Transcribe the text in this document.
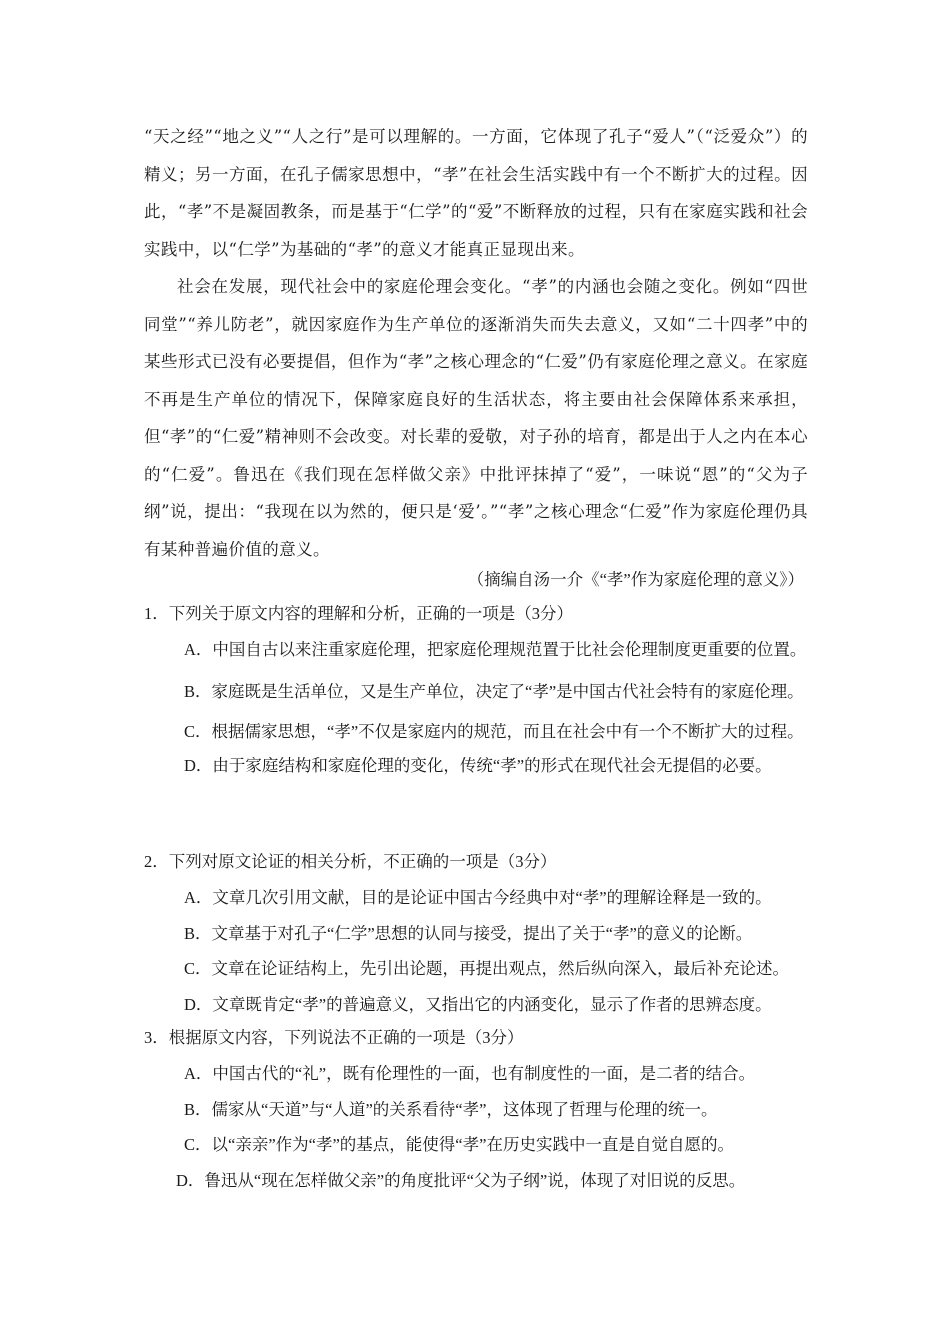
“天之经”“地之义”“人之行”是可以理解的。一方面，它体现了孔子“爱人”（“泛爱众”）的精义；另一方面，在孔子儒家思想中，“孝”在社会生活实践中有一个不断扩大的过程。因此，“孝”不是凝固教条，而是基于“仁学”的“爱”不断释放的过程，只有在家庭实践和社会实践中，以“仁学”为基础的“孝”的意义才能真正显现出来。
社会在发展，现代社会中的家庭伦理会变化。“孝”的内涵也会随之变化。例如“四世同堂”“养儿防老”，就因家庭作为生产单位的逐渐消失而失去意义，又如“二十四孝”中的某些形式已没有必要提倡，但作为“孝”之核心理念的“仁爱”仍有家庭伦理之意义。在家庭不再是生产单位的情况下，保障家庭良好的生活状态，将主要由社会保障体系来承担，但“孝”的“仁爱”精神则不会改变。对长辈的爱敬，对子孙的培育，都是出于人之内在本心的“仁爱”。鲁迅在《我们现在怎样做父亲》中批评抹掉了“爱”，一味说“恩”的“父为子纲”说，提出：“我现在以为然的，便只是‘爱’。”“孝”之核心理念“仁爱”作为家庭伦理仍具有某种普遍价值的意义。
（摘编自汤一介《“孝”作为家庭伦理的意义》）
1．下列关于原文内容的理解和分析，正确的一项是（3分）
A．中国自古以来注重家庭伦理，把家庭伦理规范置于比社会伦理制度更重要的位置。
B．家庭既是生活单位，又是生产单位，决定了“孝”是中国古代社会特有的家庭伦理。
C．根据儒家思想，“孝”不仅是家庭内的规范，而且在社会中有一个不断扩大的过程。
D．由于家庭结构和家庭伦理的变化，传统“孝”的形式在现代社会无提倡的必要。
2．下列对原文论证的相关分析，不正确的一项是（3分）
A．文章几次引用文献，目的是论证中国古今经典中对“孝”的理解诠释是一致的。
B．文章基于对孔子“仁学”思想的认同与接受，提出了关于“孝”的意义的论断。
C．文章在论证结构上，先引出论题，再提出观点，然后纵向深入，最后补充论述。
D．文章既肯定“孝”的普遍意义，又指出它的内涵变化，显示了作者的思辨态度。
3．根据原文内容，下列说法不正确的一项是（3分）
A．中国古代的“礼”，既有伦理性的一面，也有制度性的一面，是二者的结合。
B．儒家从“天道”与“人道”的关系看待“孝”，这体现了哲理与伦理的统一。
C．以“亲亲”作为“孝”的基点，能使得“孝”在历史实践中一直是自觉自愿的。
D．鲁迅从“现在怎样做父亲”的角度批评“父为子纲”说，体现了对旧说的反思。
